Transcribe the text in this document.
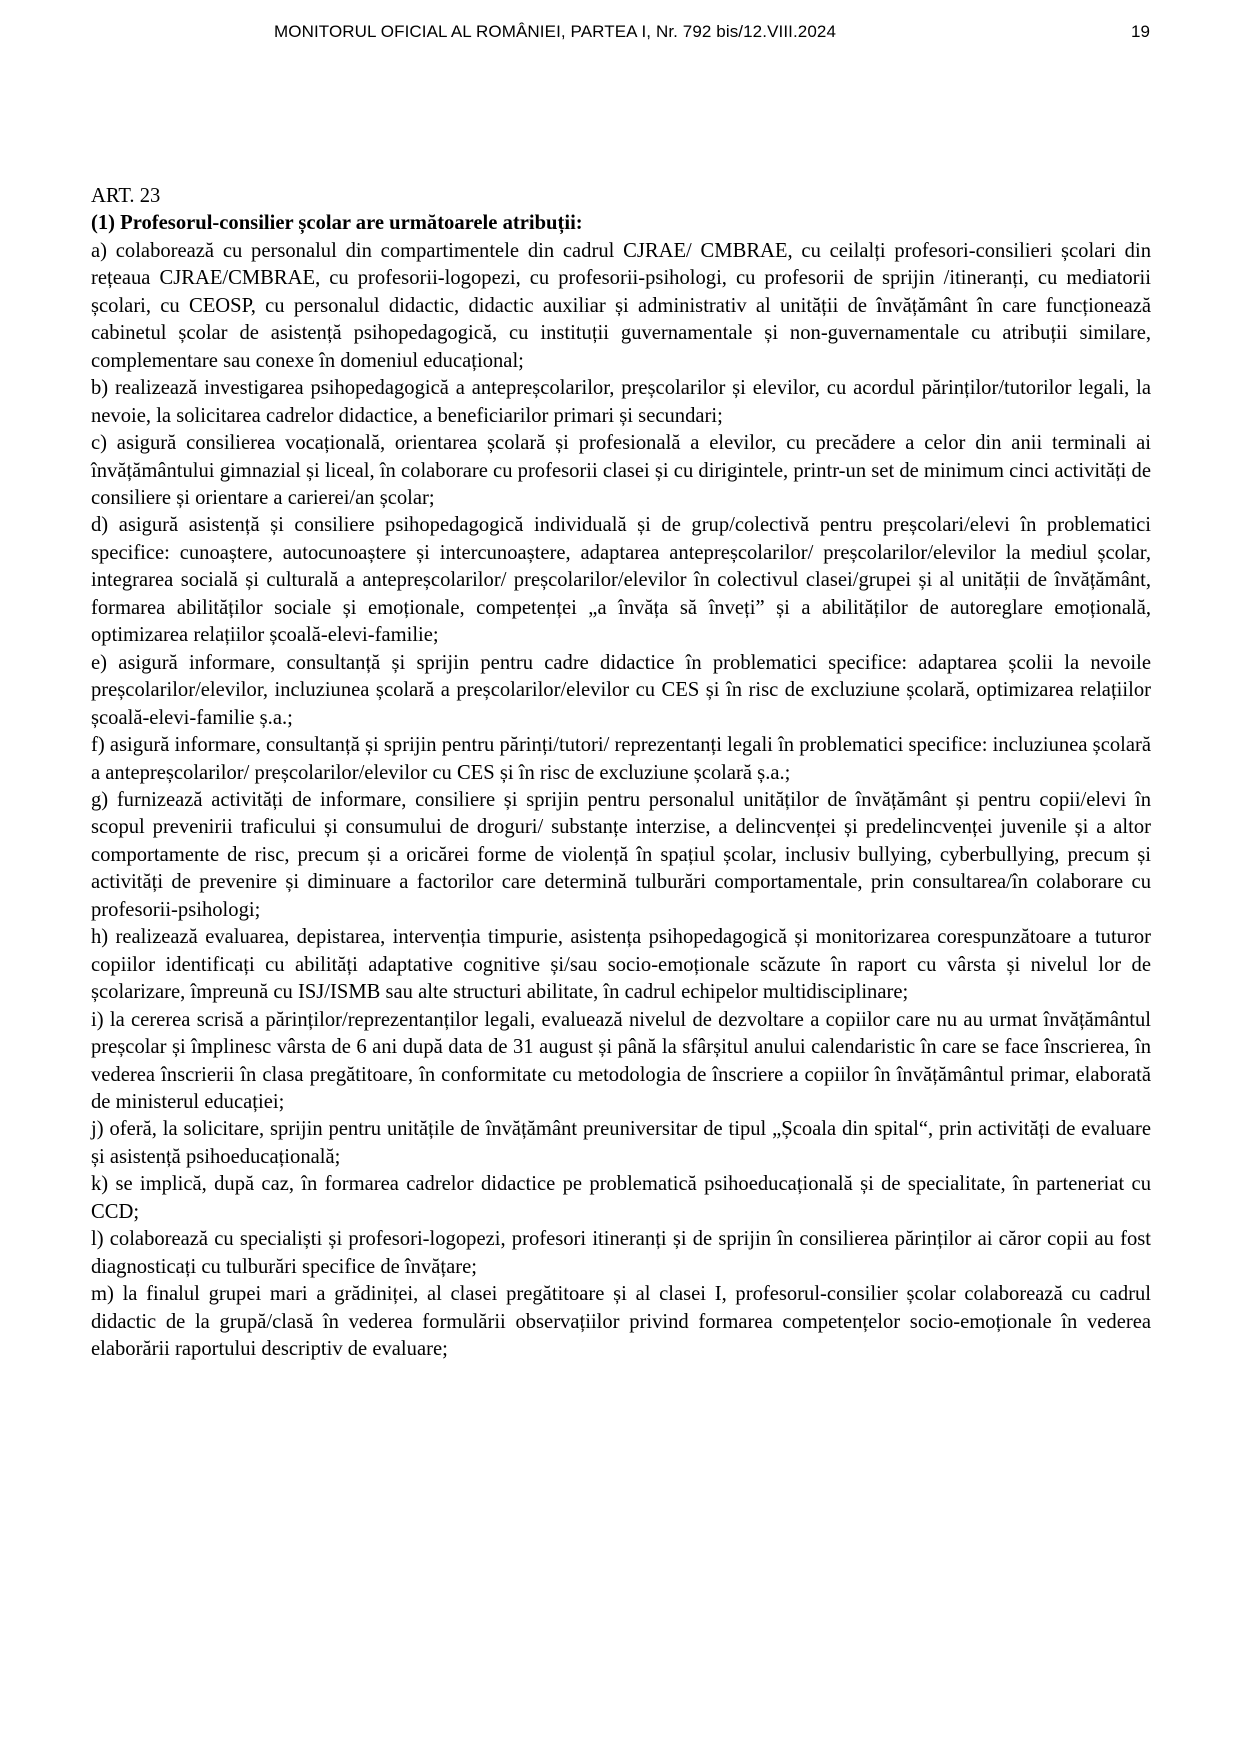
MONITORUL OFICIAL AL ROMÂNIEI, PARTEA I, Nr. 792 bis/12.VIII.2024	19

ART. 23

(1) Profesorul-consilier școlar are următoarele atribuții:

a) colaborează cu personalul din compartimentele din cadrul CJRAE/ CMBRAE, cu ceilalți profesori-consilieri școlari din rețeaua CJRAE/CMBRAE, cu profesorii-logopezi, cu profesorii-psihologi, cu profesorii de sprijin /itineranți, cu mediatorii școlari, cu CEOSP, cu personalul didactic, didactic auxiliar și administrativ al unității de învățământ în care funcționează cabinetul școlar de asistență psihopedagogică, cu instituții guvernamentale și non-guvernamentale cu atribuții similare, complementare sau conexe în domeniul educațional;

b) realizează investigarea psihopedagogică a antepreșcolarilor, preșcolarilor și elevilor, cu acordul părinților/tutorilor legali, la nevoie, la solicitarea cadrelor didactice, a beneficiarilor primari și secundari;

c) asigură consilierea vocațională, orientarea școlară și profesională a elevilor, cu precădere a celor din anii terminali ai învățământului gimnazial și liceal, în colaborare cu profesorii clasei și cu dirigintele, printr-un set de minimum cinci activități de consiliere și orientare a carierei/an școlar;

d) asigură asistență și consiliere psihopedagogică individuală și de grup/colectivă pentru preșcolari/elevi în problematici specifice: cunoaștere, autocunoaștere și intercunoaștere, adaptarea antepreșcolarilor/ preșcolarilor/elevilor la mediul școlar, integrarea socială și culturală a antepreșcolarilor/ preșcolarilor/elevilor în colectivul clasei/grupei și al unității de învățământ, formarea abilităților sociale și emoționale, competenței „a învăța să înveți” și a abilităților de autoreglare emoțională, optimizarea relațiilor școală-elevi-familie;

e) asigură informare, consultanță și sprijin pentru cadre didactice în problematici specifice: adaptarea școlii la nevoile preșcolarilor/elevilor, incluziunea școlară a preșcolarilor/elevilor cu CES și în risc de excluziune școlară, optimizarea relațiilor școală-elevi-familie ș.a.;

f) asigură informare, consultanță și sprijin pentru părinți/tutori/ reprezentanți legali în problematici specifice: incluziunea școlară a antepreșcolarilor/ preșcolarilor/elevilor cu CES și în risc de excluziune școlară ș.a.;

g) furnizează activități de informare, consiliere și sprijin pentru personalul unităților de învățământ și pentru copii/elevi în scopul prevenirii traficului și consumului de droguri/ substanțe interzise, a delincvenței și predelincvenței juvenile și a altor comportamente de risc, precum și a oricărei forme de violență în spațiul școlar, inclusiv bullying, cyberbullying, precum și activități de prevenire și diminuare a factorilor care determină tulburări comportamentale, prin consultarea/în colaborare cu profesorii-psihologi;

h) realizează evaluarea, depistarea, intervenția timpurie, asistența psihopedagogică și monitorizarea corespunzătoare a tuturor copiilor identificați cu abilități adaptative cognitive și/sau socio-emoționale scăzute în raport cu vârsta și nivelul lor de școlarizare, împreună cu ISJ/ISMB sau alte structuri abilitate, în cadrul echipelor multidisciplinare;

i) la cererea scrisă a părinților/reprezentanților legali, evaluează nivelul de dezvoltare a copiilor care nu au urmat învățământul preșcolar și împlinesc vârsta de 6 ani după data de 31 august și până la sfârșitul anului calendaristic în care se face înscrierea, în vederea înscrierii în clasa pregătitoare, în conformitate cu metodologia de înscriere a copiilor în învățământul primar, elaborată de ministerul educației;

j) oferă, la solicitare, sprijin pentru unitățile de învățământ preuniversitar de tipul „Școala din spital“, prin activități de evaluare și asistență psihoeducațională;

k) se implică, după caz, în formarea cadrelor didactice pe problematică psihoeducațională și de specialitate, în parteneriat cu CCD;

l) colaborează cu specialiști și profesori-logopezi, profesori itineranți și de sprijin în consilierea părinților ai căror copii au fost diagnosticați cu tulburări specifice de învățare;

m) la finalul grupei mari a grădiniței, al clasei pregătitoare și al clasei I, profesorul-consilier școlar colaborează cu cadrul didactic de la grupă/clasă în vederea formulării observațiilor privind formarea competențelor socio-emoționale în vederea elaborării raportului descriptiv de evaluare;
